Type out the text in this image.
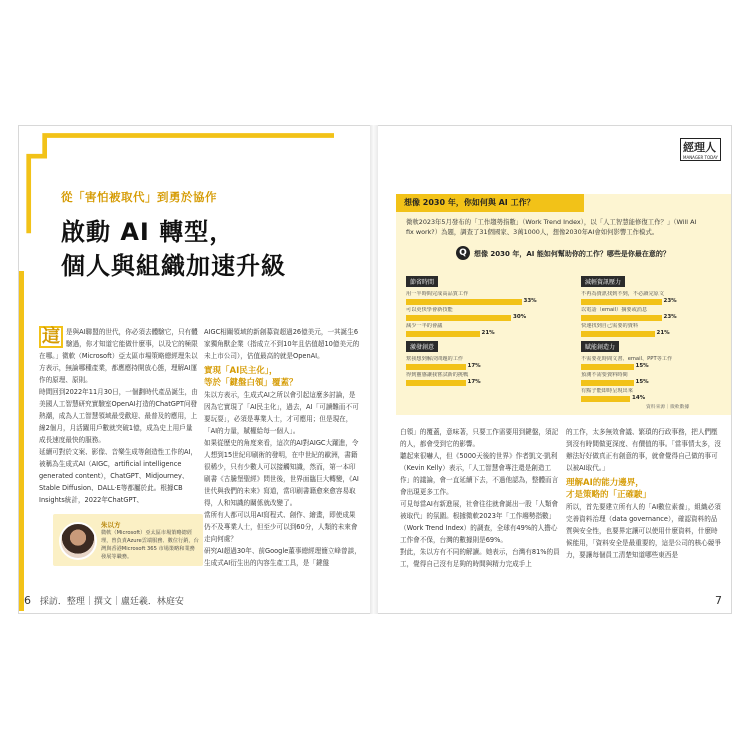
從「害怕被取代」到勇於協作
啟動 AI 轉型，
個人與組織加速升級

這 是與AI聯盟的世代，你必須去體驗它，只有體驗過，你才知道它能做什麼事，以及它的極限在哪。」微軟（Microsoft）亞太區市場策略總經理朱以方表示，無論哪種產業，都應應持開放心態，理解AI運作的原理、原則。

時間回到2022年11月30日，一個劃時代產品誕生，由美國人工智慧研究實驗室OpenAI打造的ChatGPT问發熱潮，成為人工智慧領域最受歡迎、最普及的應用，上線2個月，月活躍用戶數就突破1億，成為史上用戶量成長速度最快的服務。

延續可對於文案、影像、音樂生成等創造性工作的AI，被稱為生成式AI（AIGC，artificial intelligence generated content），ChatGPT、Midjourney、Stable Diffusion、DALL·E等都屬於此。根據CB Insights統計，2022年ChatGPT、

朱以方
微軟（Microsoft）亞太區市場策略總經理，曾負責Azure雲端服務、數位行銷，台灣與香港Microsoft 365 市場策略和業務發展等職務。

AIGC相關領域的新創募資超過26億美元，一其誕生6家獨角獸企業（指成立不到10年且估值超10億美元的未上市公司），估值最高的就是OpenAI。

實現「AI民主化」，
等於「鍵盤白領」覆蓋？

朱以方表示，生成式AI之所以會引起這麼多討論，是因為它實現了「AI民主化」，過去，AI「可讀難而不可要玩耍」，必須是專業人士，才可應用；但是現在，「AI的力量，賦權給每一個人」。

如果從歷史的角度來看，這次的AI對AIGC大躍進，令人想到15世紀印刷術的發明，在中世紀的歐洲，書籍很稀少，只有少數人可以接觸知識，然而，第一本印刷書《古騰堡聖經》問世後，世界面臨巨大轉變，《AI世代與我們的未來》寫道，當印刷書籍愈來愈容易取得，人和知識的關係就改變了。

當所有人都可以用AI寫程式、創作、繪畫，即使成果仍不及專業人士，但至少可以到60分，人類的未來會走向何處？

研究AI超過30年、前Google董事總經理簡立峰曾談，生成式AI衍生出的內容生產工具，是「鍵盤

6 採訪．整理｜撰文｜盧廷羲．林庭安
經理人
MANAGER TODAY
想像 2030 年，你如何與 AI 工作？
微軟2023年5月發布的「工作趨勢指數」（Work Trend Index），以「人工智慧能修復工作？」（Will AI fix work?）為題，調查了31個國家、3萬1000人，想像2030年AI會如何影響工作模式。
Q	想像 2030 年，AI 能如何幫助你的工作？哪些是你最在意的？
節省時間
用一半時間完成高品質工作
33%
可以更快學會新技能
30%
減少一半的會議
21%
減輕資訊壓力
不再為資訊找到不到，不必讀完原文
23%
以電話（email）摘要或消息
23%
快速找到自己需要的資料
21%
激發創意
幫我想到解決問題的工作
17%
得到靈感讓我嘗試新的挑戰
17%
賦能創造力
不需要花時間文書、email、PPT等工作
15%
預測不需要資料時間
15%
有點子能即時呈現出來
14%
資料來源｜微軟數據

白領」的覆蓋，意味著，只要工作需要用到鍵盤，須記的人，都會受到它的影響。

聽起來很嚇人，但《5000天後的世界》作者凱文·凱利（Kevin Kelly）表示，「人工智慧會專注還是創造工作」的議論，會一直延續下去，不過他認為，整體而言會出現更多工作。

可見每當AI有新進展，社會往往就會誕出一股「人類會被取代」的氛圍。根據微軟2023年「工作趨勢指數」（Work Trend Index）的調查，全球有49%的人擔心工作會不保，台灣的數據則是69%。

對此，朱以方有不同的解讀。她表示，台灣有81%的員工，覺得自己沒有足夠的時間與精力完成手上

的工作，太多無效會議、繁瑣的行政事務，把人們壓到沒有時間做更深度、有價值的事。「當事情太多，沒辦法好好做真正有創意的事，就會覺得自己做的事可以被AI取代。」

理解AI的能力邊界，
才是策略的「正確駛」

所以，首先要建立所有人的「AI數位素養」，組織必須完善資料治理（data governance），確認資料的品質與安全性，也要界定讓可以使用什麼資料，什麼時候能用，「資料安全是最重要的，這是公司的核心競爭力，要讓每個員工清楚知道哪些東西是

7
